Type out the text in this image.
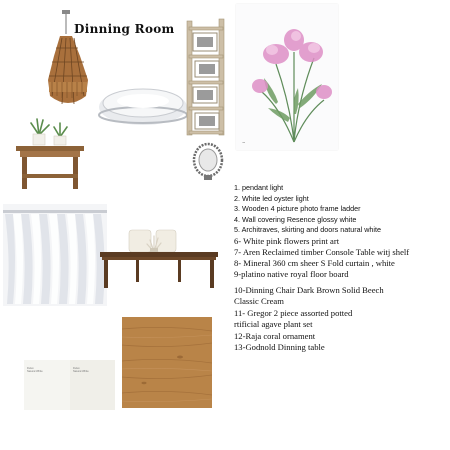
Dinning Room
~
1. pendant light
2. White led oyster light
3. Wooden 4 picture photo frame ladder
4. Wall covering Resence glossy white
5. Architraves, skirting and doors natural white
6- White pink flowers print art
7- Aren Reclaimed timber Console Table witj shelf
8- Mineral 360 cm sheer S Fold curtain , white
9-platino native royal floor board
10-Dinning Chair Dark Brown Solid Beech
Classic Cream
11- Gregor 2 piece assorted potted
rtificial agave plant set
12-Raja coral ornament
13-Godnold Dinning table
Dulux
Natural White
Dulux
Natural White
